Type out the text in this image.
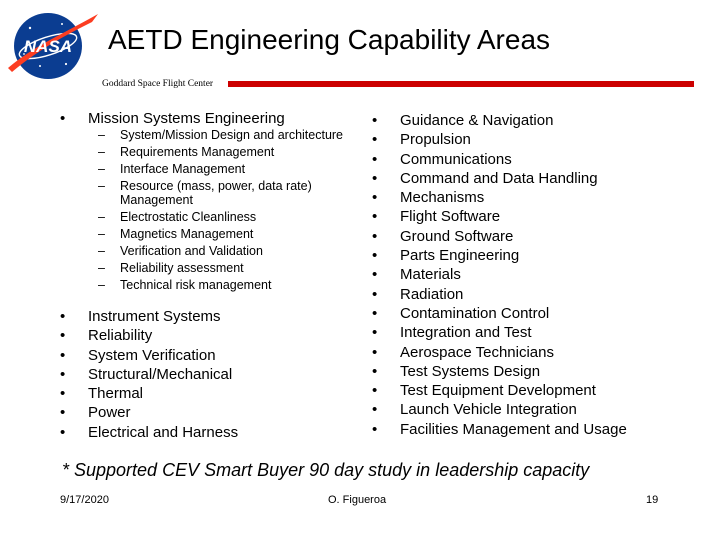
NASA AETD Engineering Capability Areas
Goddard Space Flight Center
• Mission Systems Engineering
– System/Mission Design and architecture
– Requirements Management
– Interface Management
– Resource (mass, power, data rate) Management
– Electrostatic Cleanliness
– Magnetics Management
– Verification and Validation
– Reliability assessment
– Technical risk management
• Instrument Systems
• Reliability
• System Verification
• Structural/Mechanical
• Thermal
• Power
• Electrical and Harness
• Guidance & Navigation
• Propulsion
• Communications
• Command and Data Handling
• Mechanisms
• Flight Software
• Ground Software
• Parts Engineering
• Materials
• Radiation
• Contamination Control
• Integration and Test
• Aerospace Technicians
• Test Systems Design
• Test Equipment Development
• Launch Vehicle Integration
• Facilities Management and Usage
* Supported CEV Smart Buyer 90 day study in leadership capacity
9/17/2020	O. Figueroa	19
